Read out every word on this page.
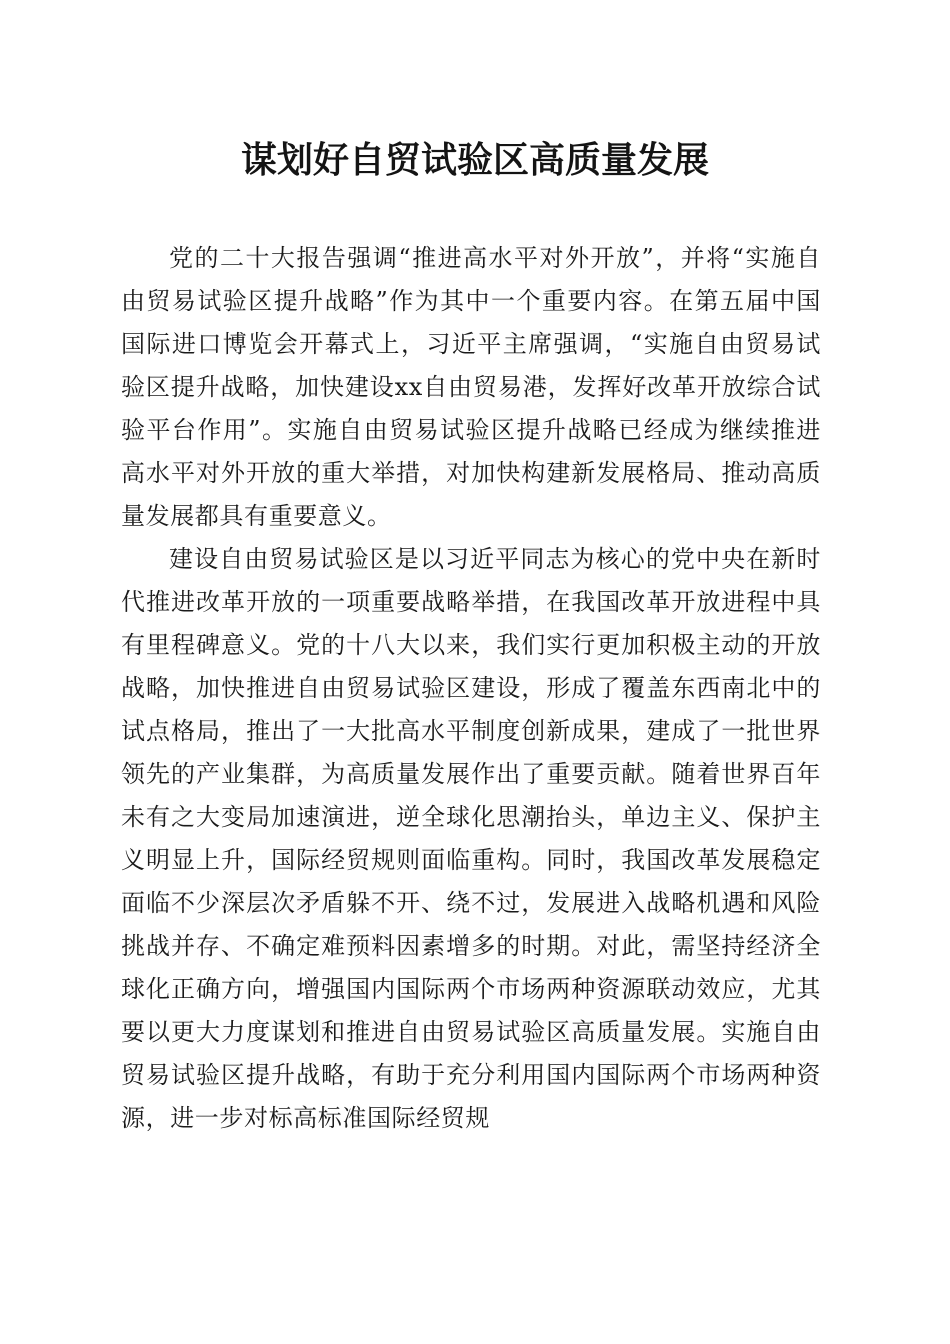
谋划好自贸试验区高质量发展

党的二十大报告强调“推进高水平对外开放”，并将“实施自由贸易试验区提升战略”作为其中一个重要内容。在第五届中国国际进口博览会开幕式上，习近平主席强调，“实施自由贸易试验区提升战略，加快建设xx自由贸易港，发挥好改革开放综合试验平台作用”。实施自由贸易试验区提升战略已经成为继续推进高水平对外开放的重大举措，对加快构建新发展格局、推动高质量发展都具有重要意义。

建设自由贸易试验区是以习近平同志为核心的党中央在新时代推进改革开放的一项重要战略举措，在我国改革开放进程中具有里程碑意义。党的十八大以来，我们实行更加积极主动的开放战略，加快推进自由贸易试验区建设，形成了覆盖东西南北中的试点格局，推出了一大批高水平制度创新成果，建成了一批世界领先的产业集群，为高质量发展作出了重要贡献。随着世界百年未有之大变局加速演进，逆全球化思潮抬头，单边主义、保护主义明显上升，国际经贸规则面临重构。同时，我国改革发展稳定面临不少深层次矛盾躲不开、绕不过，发展进入战略机遇和风险挑战并存、不确定难预料因素增多的时期。对此，需坚持经济全球化正确方向，增强国内国际两个市场两种资源联动效应，尤其要以更大力度谋划和推进自由贸易试验区高质量发展。实施自由贸易试验区提升战略，有助于充分利用国内国际两个市场两种资源，进一步对标高标准国际经贸规
